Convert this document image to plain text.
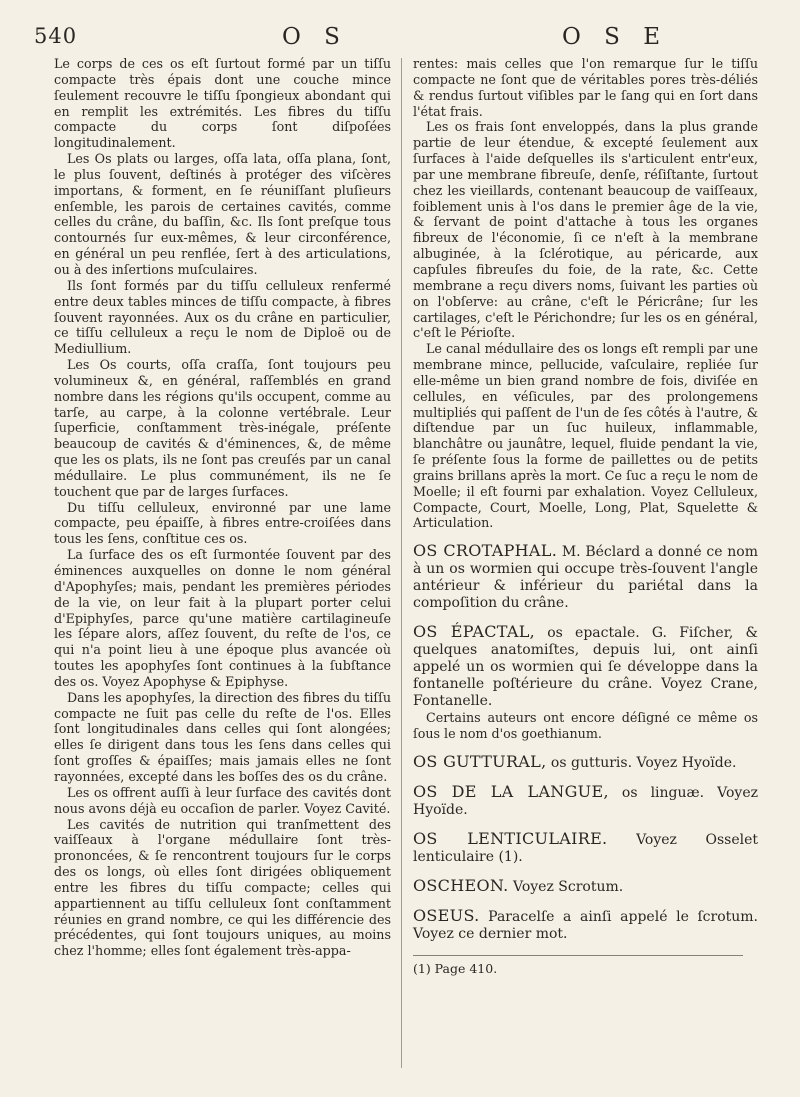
540	O S	O S E

Le corps de ces os eſt ſurtout formé par un tiſſu compacte très épais dont une couche mince ſeulement recouvre le tiſſu ſpongieux abondant qui en remplit les extrémités. Les fibres du tiſſu compacte du corps ſont diſpoſées longitudinalement.

Les Os plats ou larges, oſſa lata, oſſa plana, ſont, le plus ſouvent, deſtinés à protéger des viſcères importans, & forment, en ſe réuniſſant pluſieurs enſemble, les parois de certaines cavités, comme celles du crâne, du baſſin, &c. Ils ſont preſque tous contournés ſur eux-mêmes, & leur circonférence, en général un peu renflée, ſert à des articulations, ou à des inſertions muſculaires.

Ils ſont formés par du tiſſu celluleux renfermé entre deux tables minces de tiſſu compacte, à fibres ſouvent rayonnées. Aux os du crâne en particulier, ce tiſſu celluleux a reçu le nom de Diploë ou de Mediullium.

Les Os courts, oſſa craſſa, ſont toujours peu volumineux &, en général, raſſemblés en grand nombre dans les régions qu'ils occupent, comme au tarſe, au carpe, à la colonne vertébrale. Leur ſuperficie, conſtamment très-inégale, préſente beaucoup de cavités & d'éminences, &, de même que les os plats, ils ne ſont pas creuſés par un canal médullaire. Le plus communément, ils ne ſe touchent que par de larges ſurfaces.

Du tiſſu celluleux, environné par une lame compacte, peu épaiſſe, à fibres entre-croiſées dans tous les ſens, conſtitue ces os.

La ſurface des os eſt ſurmontée ſouvent par des éminences auxquelles on donne le nom général d'Apophyſes; mais, pendant les premières périodes de la vie, on leur fait à la plupart porter celui d'Epiphyſes, parce qu'une matière cartilagineuſe les ſépare alors, aſſez ſouvent, du reſte de l'os, ce qui n'a point lieu à une époque plus avancée où toutes les apophyſes ſont continues à la ſubſtance des os. Voyez Apophyse & Epiphyse.

Dans les apophyſes, la direction des fibres du tiſſu compacte ne ſuit pas celle du reſte de l'os. Elles ſont longitudinales dans celles qui ſont alongées; elles ſe dirigent dans tous les ſens dans celles qui ſont groſſes & épaiſſes; mais jamais elles ne ſont rayonnées, excepté dans les boſſes des os du crâne.

Les os offrent auſſi à leur ſurface des cavités dont nous avons déjà eu occaſion de parler. Voyez Cavité.

Les cavités de nutrition qui tranſmettent des vaiſſeaux à l'organe médullaire ſont très-prononcées, & ſe rencontrent toujours ſur le corps des os longs, où elles ſont dirigées obliquement entre les fibres du tiſſu compacte; celles qui appartiennent au tiſſu celluleux ſont conſtamment réunies en grand nombre, ce qui les différencie des précédentes, qui ſont toujours uniques, au moins chez l'homme; elles ſont également très-appa-

rentes: mais celles que l'on remarque ſur le tiſſu compacte ne ſont que de véritables pores très-déliés & rendus ſurtout viſibles par le ſang qui en ſort dans l'état frais.

Les os frais ſont enveloppés, dans la plus grande partie de leur étendue, & excepté ſeulement aux ſurfaces à l'aide deſquelles ils s'articulent entr'eux, par une membrane fibreuſe, denſe, réſiſtante, ſurtout chez les vieillards, contenant beaucoup de vaiſſeaux, foiblement unis à l'os dans le premier âge de la vie, & ſervant de point d'attache à tous les organes fibreux de l'économie, ſi ce n'eſt à la membrane albuginée, à la ſclérotique, au péricarde, aux capſules fibreuſes du foie, de la rate, &c. Cette membrane a reçu divers noms, ſuivant les parties où on l'obſerve: au crâne, c'eſt le Péricrâne; ſur les cartilages, c'eſt le Périchondre; ſur les os en général, c'eſt le Périoſte.

Le canal médullaire des os longs eſt rempli par une membrane mince, pellucide, vaſculaire, repliée ſur elle-même un bien grand nombre de fois, diviſée en cellules, en véſicules, par des prolongemens multipliés qui paſſent de l'un de ſes côtés à l'autre, & diſtendue par un ſuc huileux, inflammable, blanchâtre ou jaunâtre, lequel, fluide pendant la vie, ſe préſente ſous la forme de paillettes ou de petits grains brillans après la mort. Ce ſuc a reçu le nom de Moelle; il eſt fourni par exhalation. Voyez Celluleux, Compacte, Court, Moelle, Long, Plat, Squelette & Articulation.

OS CROTAPHAL. M. Béclard a donné ce nom à un os wormien qui occupe très-ſouvent l'angle antérieur & inférieur du pariétal dans la compoſition du crâne.

OS ÉPACTAL, os epactale. G. Fiſcher, & quelques anatomiſtes, depuis lui, ont ainſi appelé un os wormien qui ſe développe dans la fontanelle poſtérieure du crâne. Voyez Crane, Fontanelle.

Certains auteurs ont encore déſigné ce même os ſous le nom d'os goethianum.

OS GUTTURAL, os gutturis. Voyez Hyoïde.

OS DE LA LANGUE, os linguæ. Voyez Hyoïde.

OS LENTICULAIRE. Voyez Osselet lenticulaire (1).

OSCHEON. Voyez Scrotum.

OSEUS. Paracelſe a ainſi appelé le ſcrotum. Voyez ce dernier mot.

(1) Page 410.
